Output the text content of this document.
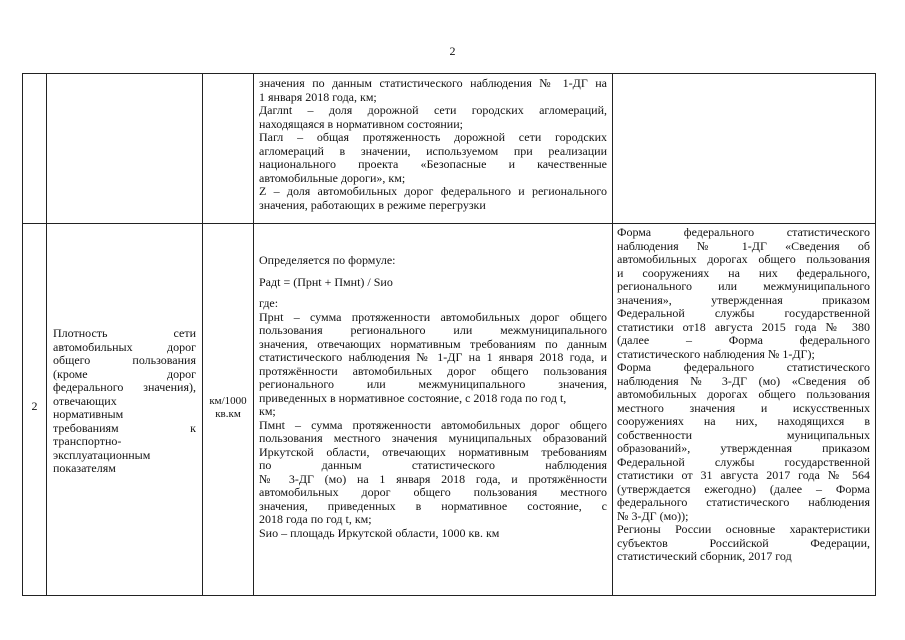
2
значения по данным статистического наблюдения № 1-ДГ на
1 января 2018 года, км;
Даглnt – доля дорожной сети городских агломераций,
находящаяся в нормативном состоянии;
Пагл – общая протяженность дорожной сети городских
агломераций в значении, используемом при реализации
национального проекта «Безопасные и качественные
автомобильные дороги», км;
Z – доля автомобильных дорог федерального и регионального
значения, работающих в режиме перегрузки
2
Плотность сети
автомобильных дорог
общего пользования
(кроме дорог
федерального значения),
отвечающих
нормативным
требованиям к
транспортно-
эксплуатационным
показателям
км/1000
кв.км
Определяется по формуле:
Радt = (Прнt + Пмнt) / Sио
где:
Прнt – сумма протяженности автомобильных дорог общего
пользования регионального или межмуниципального
значения, отвечающих нормативным требованиям по данным
статистического наблюдения № 1-ДГ на 1 января 2018 года, и
протяжённости автомобильных дорог общего пользования
регионального или межмуниципального значения,
приведенных в нормативное состояние, с 2018 года по год t,
км;
Пмнt – сумма протяженности автомобильных дорог общего
пользования местного значения муниципальных образований
Иркутской области, отвечающих нормативным требованиям
по данным статистического наблюдения
№ 3-ДГ (мо) на 1 января 2018 года, и протяжённости
автомобильных дорог общего пользования местного
значения, приведенных в нормативное состояние, с
2018 года по год t, км;
Sио – площадь Иркутской области, 1000 кв. км
Форма федерального статистического
наблюдения № 1-ДГ «Сведения об
автомобильных дорогах общего пользования
и сооружениях на них федерального,
регионального или межмуниципального
значения», утвержденная приказом
Федеральной службы государственной
статистики от18 августа 2015 года № 380
(далее – Форма федерального
статистического наблюдения № 1-ДГ);
Форма федерального статистического
наблюдения № 3-ДГ (мо) «Сведения об
автомобильных дорогах общего пользования
местного значения и искусственных
сооружениях на них, находящихся в
собственности муниципальных
образований», утвержденная приказом
Федеральной службы государственной
статистики от 31 августа 2017 года № 564
(утверждается ежегодно) (далее – Форма
федерального статистического наблюдения
№ 3-ДГ (мо));
Регионы России основные характеристики
субъектов Российской Федерации,
статистический сборник, 2017 год
